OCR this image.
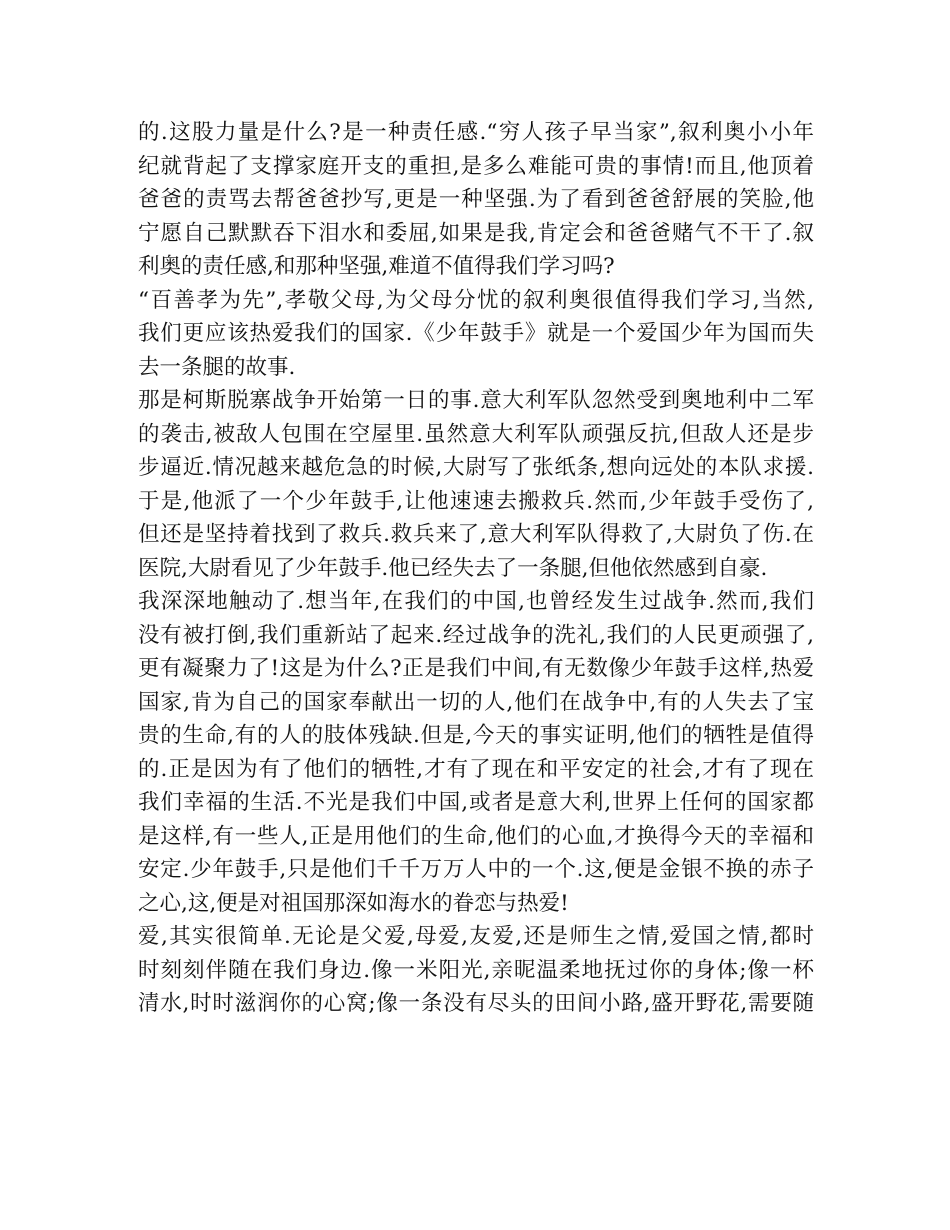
的.这股力量是什么?是一种责任感.“穷人孩子早当家”,叙利奥小小年
纪就背起了支撑家庭开支的重担,是多么难能可贵的事情!而且,他顶着
爸爸的责骂去帮爸爸抄写,更是一种坚强.为了看到爸爸舒展的笑脸,他
宁愿自己默默吞下泪水和委屈,如果是我,肯定会和爸爸赌气不干了.叙
利奥的责任感,和那种坚强,难道不值得我们学习吗?
“百善孝为先”,孝敬父母,为父母分忧的叙利奥很值得我们学习,当然,
我们更应该热爱我们的国家.《少年鼓手》就是一个爱国少年为国而失
去一条腿的故事.
那是柯斯脱寨战争开始第一日的事.意大利军队忽然受到奥地利中二军
的袭击,被敌人包围在空屋里.虽然意大利军队顽强反抗,但敌人还是步
步逼近.情况越来越危急的时候,大尉写了张纸条,想向远处的本队求援.
于是,他派了一个少年鼓手,让他速速去搬救兵.然而,少年鼓手受伤了,
但还是坚持着找到了救兵.救兵来了,意大利军队得救了,大尉负了伤.在
医院,大尉看见了少年鼓手.他已经失去了一条腿,但他依然感到自豪.
我深深地触动了.想当年,在我们的中国,也曾经发生过战争.然而,我们
没有被打倒,我们重新站了起来.经过战争的洗礼,我们的人民更顽强了,
更有凝聚力了!这是为什么?正是我们中间,有无数像少年鼓手这样,热爱
国家,肯为自己的国家奉献出一切的人,他们在战争中,有的人失去了宝
贵的生命,有的人的肢体残缺.但是,今天的事实证明,他们的牺牲是值得
的.正是因为有了他们的牺牲,才有了现在和平安定的社会,才有了现在
我们幸福的生活.不光是我们中国,或者是意大利,世界上任何的国家都
是这样,有一些人,正是用他们的生命,他们的心血,才换得今天的幸福和
安定.少年鼓手,只是他们千千万万人中的一个.这,便是金银不换的赤子
之心,这,便是对祖国那深如海水的眷恋与热爱!
爱,其实很简单.无论是父爱,母爱,友爱,还是师生之情,爱国之情,都时
时刻刻伴随在我们身边.像一米阳光,亲昵温柔地抚过你的身体;像一杯
清水,时时滋润你的心窝;像一条没有尽头的田间小路,盛开野花,需要随
